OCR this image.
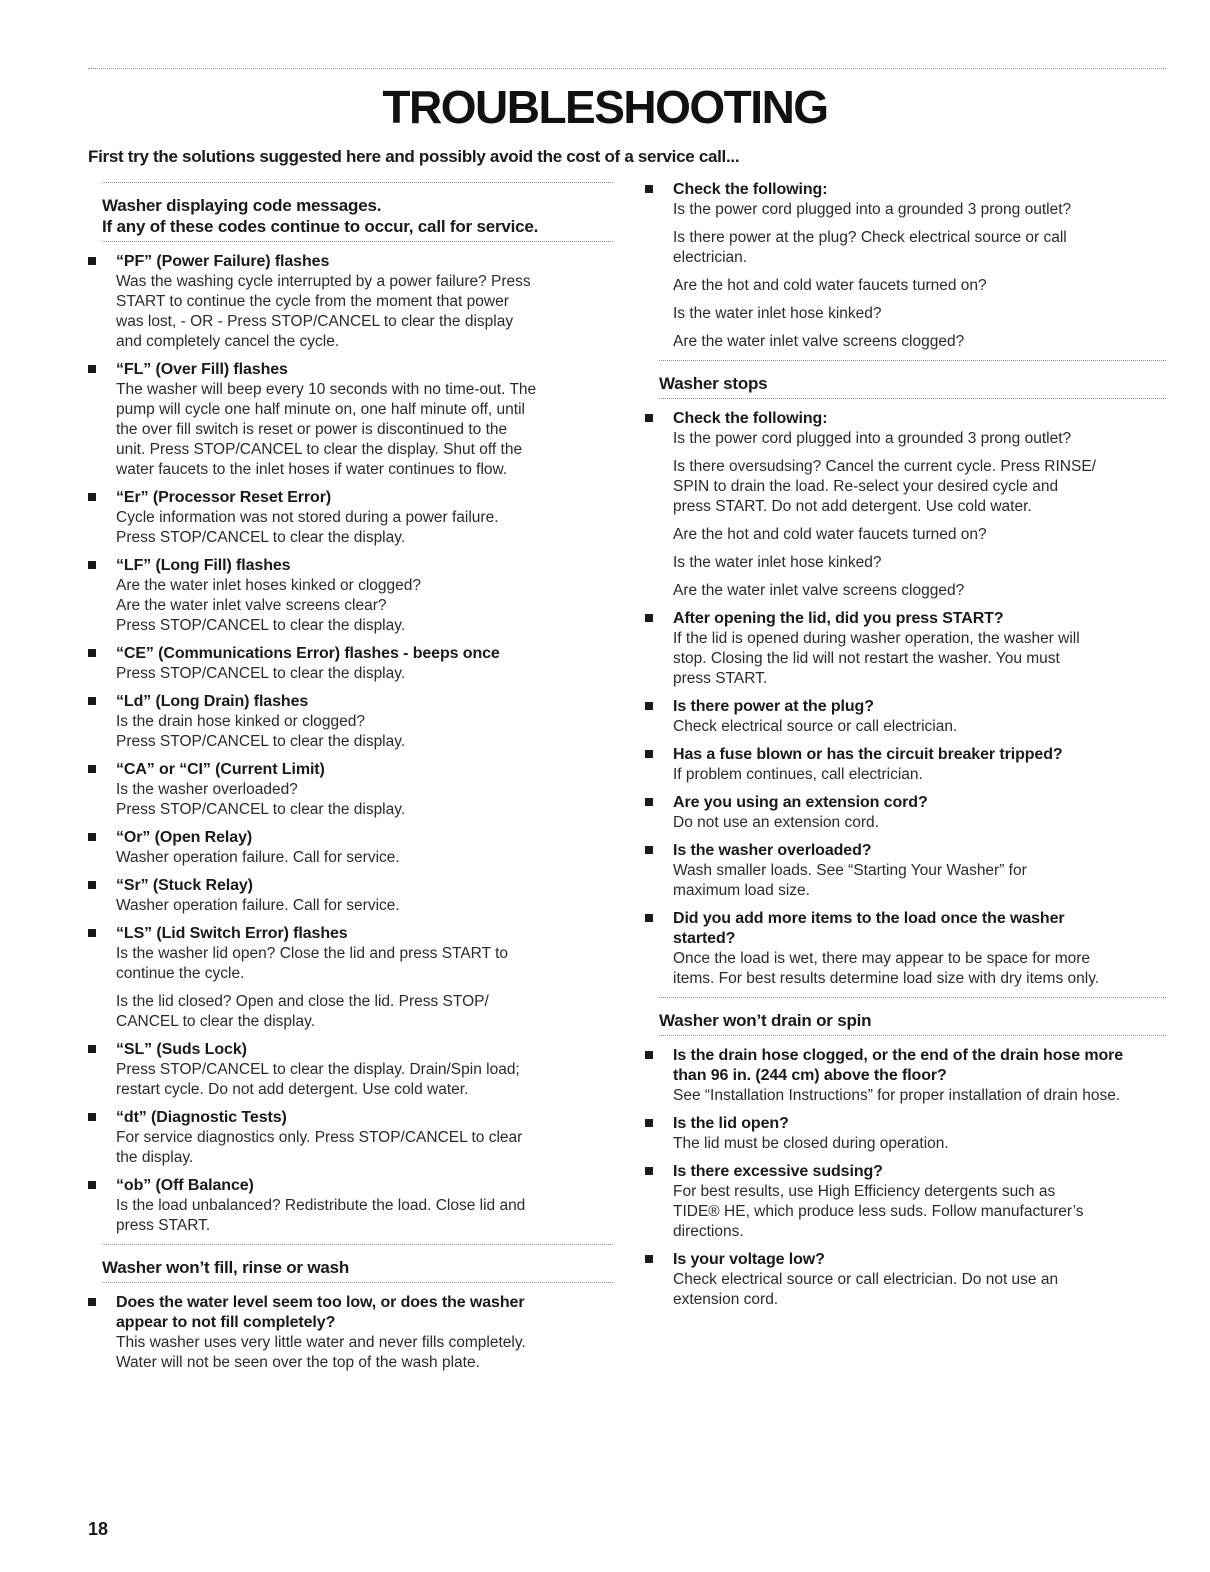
TROUBLESHOOTING
First try the solutions suggested here and possibly avoid the cost of a service call...
Washer displaying code messages.
If any of these codes continue to occur, call for service.
“PF” (Power Failure) flashes
Was the washing cycle interrupted by a power failure? Press
START to continue the cycle from the moment that power
was lost, - OR - Press STOP/CANCEL to clear the display
and completely cancel the cycle.
“FL” (Over Fill) flashes
The washer will beep every 10 seconds with no time-out. The
pump will cycle one half minute on, one half minute off, until
the over fill switch is reset or power is discontinued to the
unit. Press STOP/CANCEL to clear the display. Shut off the
water faucets to the inlet hoses if water continues to flow.
“Er” (Processor Reset Error)
Cycle information was not stored during a power failure.
Press STOP/CANCEL to clear the display.
“LF” (Long Fill) flashes
Are the water inlet hoses kinked or clogged?
Are the water inlet valve screens clear?
Press STOP/CANCEL to clear the display.
“CE” (Communications Error) flashes - beeps once
Press STOP/CANCEL to clear the display.
“Ld” (Long Drain) flashes
Is the drain hose kinked or clogged?
Press STOP/CANCEL to clear the display.
“CA” or “CI” (Current Limit)
Is the washer overloaded?
Press STOP/CANCEL to clear the display.
“Or” (Open Relay)
Washer operation failure. Call for service.
“Sr” (Stuck Relay)
Washer operation failure. Call for service.
“LS” (Lid Switch Error) flashes
Is the washer lid open? Close the lid and press START to
continue the cycle.
Is the lid closed? Open and close the lid. Press STOP/
CANCEL to clear the display.
“SL” (Suds Lock)
Press STOP/CANCEL to clear the display. Drain/Spin load;
restart cycle. Do not add detergent. Use cold water.
“dt” (Diagnostic Tests)
For service diagnostics only. Press STOP/CANCEL to clear
the display.
“ob” (Off Balance)
Is the load unbalanced? Redistribute the load. Close lid and
press START.
Washer won’t fill, rinse or wash
Does the water level seem too low, or does the washer
appear to not fill completely?
This washer uses very little water and never fills completely.
Water will not be seen over the top of the wash plate.
Check the following:
Is the power cord plugged into a grounded 3 prong outlet?
Is there power at the plug? Check electrical source or call
electrician.
Are the hot and cold water faucets turned on?
Is the water inlet hose kinked?
Are the water inlet valve screens clogged?
Washer stops
Check the following:
Is the power cord plugged into a grounded 3 prong outlet?
Is there oversudsing? Cancel the current cycle. Press RINSE/
SPIN to drain the load. Re-select your desired cycle and
press START. Do not add detergent. Use cold water.
Are the hot and cold water faucets turned on?
Is the water inlet hose kinked?
Are the water inlet valve screens clogged?
After opening the lid, did you press START?
If the lid is opened during washer operation, the washer will
stop. Closing the lid will not restart the washer. You must
press START.
Is there power at the plug?
Check electrical source or call electrician.
Has a fuse blown or has the circuit breaker tripped?
If problem continues, call electrician.
Are you using an extension cord?
Do not use an extension cord.
Is the washer overloaded?
Wash smaller loads. See “Starting Your Washer” for
maximum load size.
Did you add more items to the load once the washer
started?
Once the load is wet, there may appear to be space for more
items. For best results determine load size with dry items only.
Washer won’t drain or spin
Is the drain hose clogged, or the end of the drain hose more
than 96 in. (244 cm) above the floor?
See “Installation Instructions” for proper installation of drain hose.
Is the lid open?
The lid must be closed during operation.
Is there excessive sudsing?
For best results, use High Efficiency detergents such as
TIDE® HE, which produce less suds. Follow manufacturer’s
directions.
Is your voltage low?
Check electrical source or call electrician. Do not use an
extension cord.
18
